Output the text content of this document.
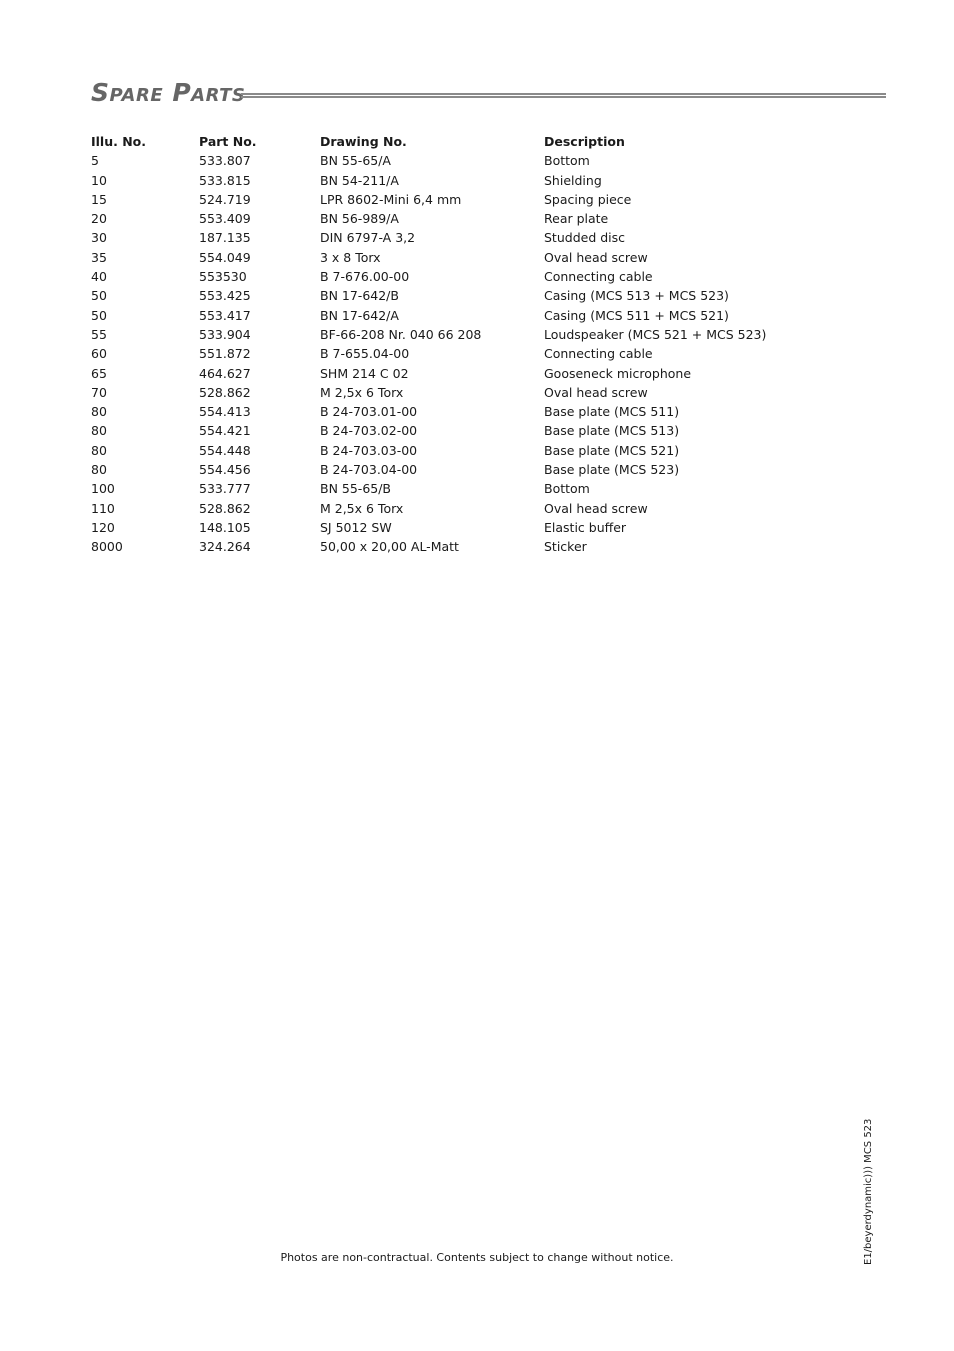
Spare Parts
Illu. No.	Part No.	Drawing No.	Description
5	533.807	BN 55-65/A	Bottom
10	533.815	BN 54-211/A	Shielding
15	524.719	LPR 8602-Mini 6,4 mm	Spacing piece
20	553.409	BN 56-989/A	Rear plate
30	187.135	DIN 6797-A 3,2	Studded disc
35	554.049	3 x 8 Torx	Oval head screw
40	553530	B 7-676.00-00	Connecting cable
50	553.425	BN 17-642/B	Casing (MCS 513 + MCS 523)
50	553.417	BN 17-642/A	Casing (MCS 511 + MCS 521)
55	533.904	BF-66-208 Nr. 040 66 208	Loudspeaker (MCS 521 + MCS 523)
60	551.872	B 7-655.04-00	Connecting cable
65	464.627	SHM 214 C 02	Gooseneck microphone
70	528.862	M 2,5x 6 Torx	Oval head screw
80	554.413	B 24-703.01-00	Base plate (MCS 511)
80	554.421	B 24-703.02-00	Base plate (MCS 513)
80	554.448	B 24-703.03-00	Base plate (MCS 521)
80	554.456	B 24-703.04-00	Base plate (MCS 523)
100	533.777	BN 55-65/B	Bottom
110	528.862	M 2,5x 6 Torx	Oval head screw
120	148.105	SJ 5012 SW	Elastic buffer
8000	324.264	50,00 x 20,00 AL-Matt	Sticker
Photos are non-contractual. Contents subject to change without notice.	E1/beyerdynamic))) MCS 523
